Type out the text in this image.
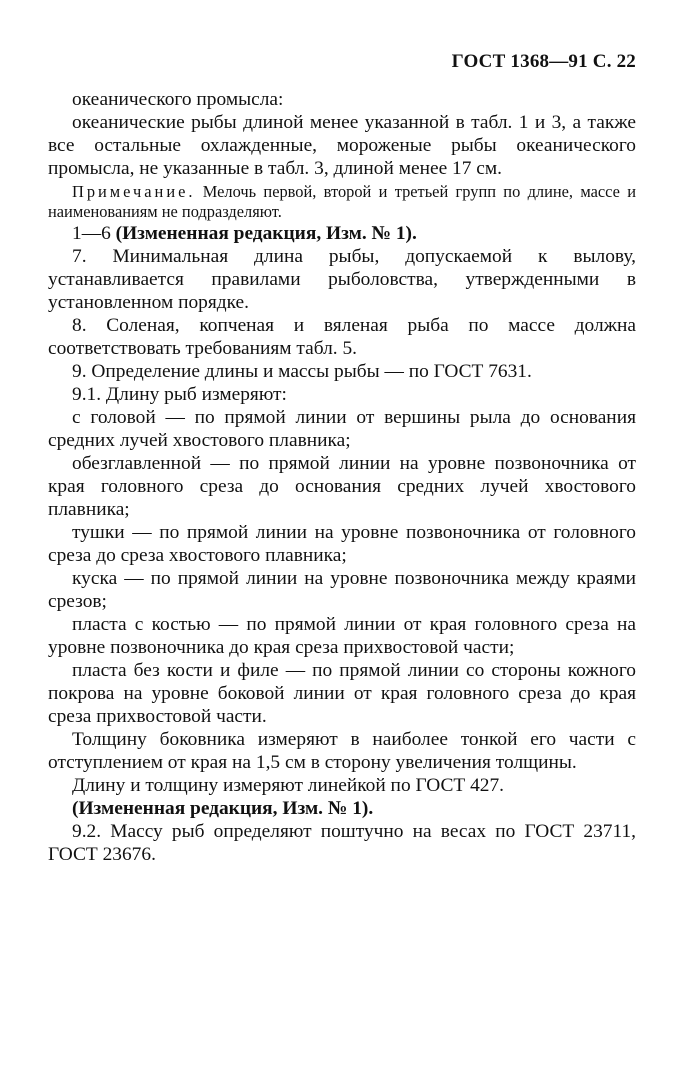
ГОСТ 1368—91 С. 22

океанического промысла:

океанические рыбы длиной менее указанной в табл. 1 и 3, а также все остальные охлажденные, мороженые рыбы океанического промысла, не указанные в табл. 3, длиной менее 17 см.

Примечание. Мелочь первой, второй и третьей групп по длине, массе и наименованиям не подразделяют.

1—6 (Измененная редакция, Изм. № 1).

7. Минимальная длина рыбы, допускаемой к вылову, устанавливается правилами рыболовства, утвержденными в установленном порядке.

8. Соленая, копченая и вяленая рыба по массе должна соответствовать требованиям табл. 5.

9. Определение длины и массы рыбы — по ГОСТ 7631.

9.1. Длину рыб измеряют:

с головой — по прямой линии от вершины рыла до основания средних лучей хвостового плавника;

обезглавленной — по прямой линии на уровне позвоночника от края головного среза до основания средних лучей хвостового плавника;

тушки — по прямой линии на уровне позвоночника от головного среза до среза хвостового плавника;

куска — по прямой линии на уровне позвоночника между краями срезов;

пласта с костью — по прямой линии от края головного среза на уровне позвоночника до края среза прихвостовой части;

пласта без кости и филе — по прямой линии со стороны кожного покрова на уровне боковой линии от края головного среза до края среза прихвостовой части.

Толщину боковника измеряют в наиболее тонкой его части с отступлением от края на 1,5 см в сторону увеличения толщины.

Длину и толщину измеряют линейкой по ГОСТ 427.

(Измененная редакция, Изм. № 1).

9.2. Массу рыб определяют поштучно на весах по ГОСТ 23711, ГОСТ 23676.
